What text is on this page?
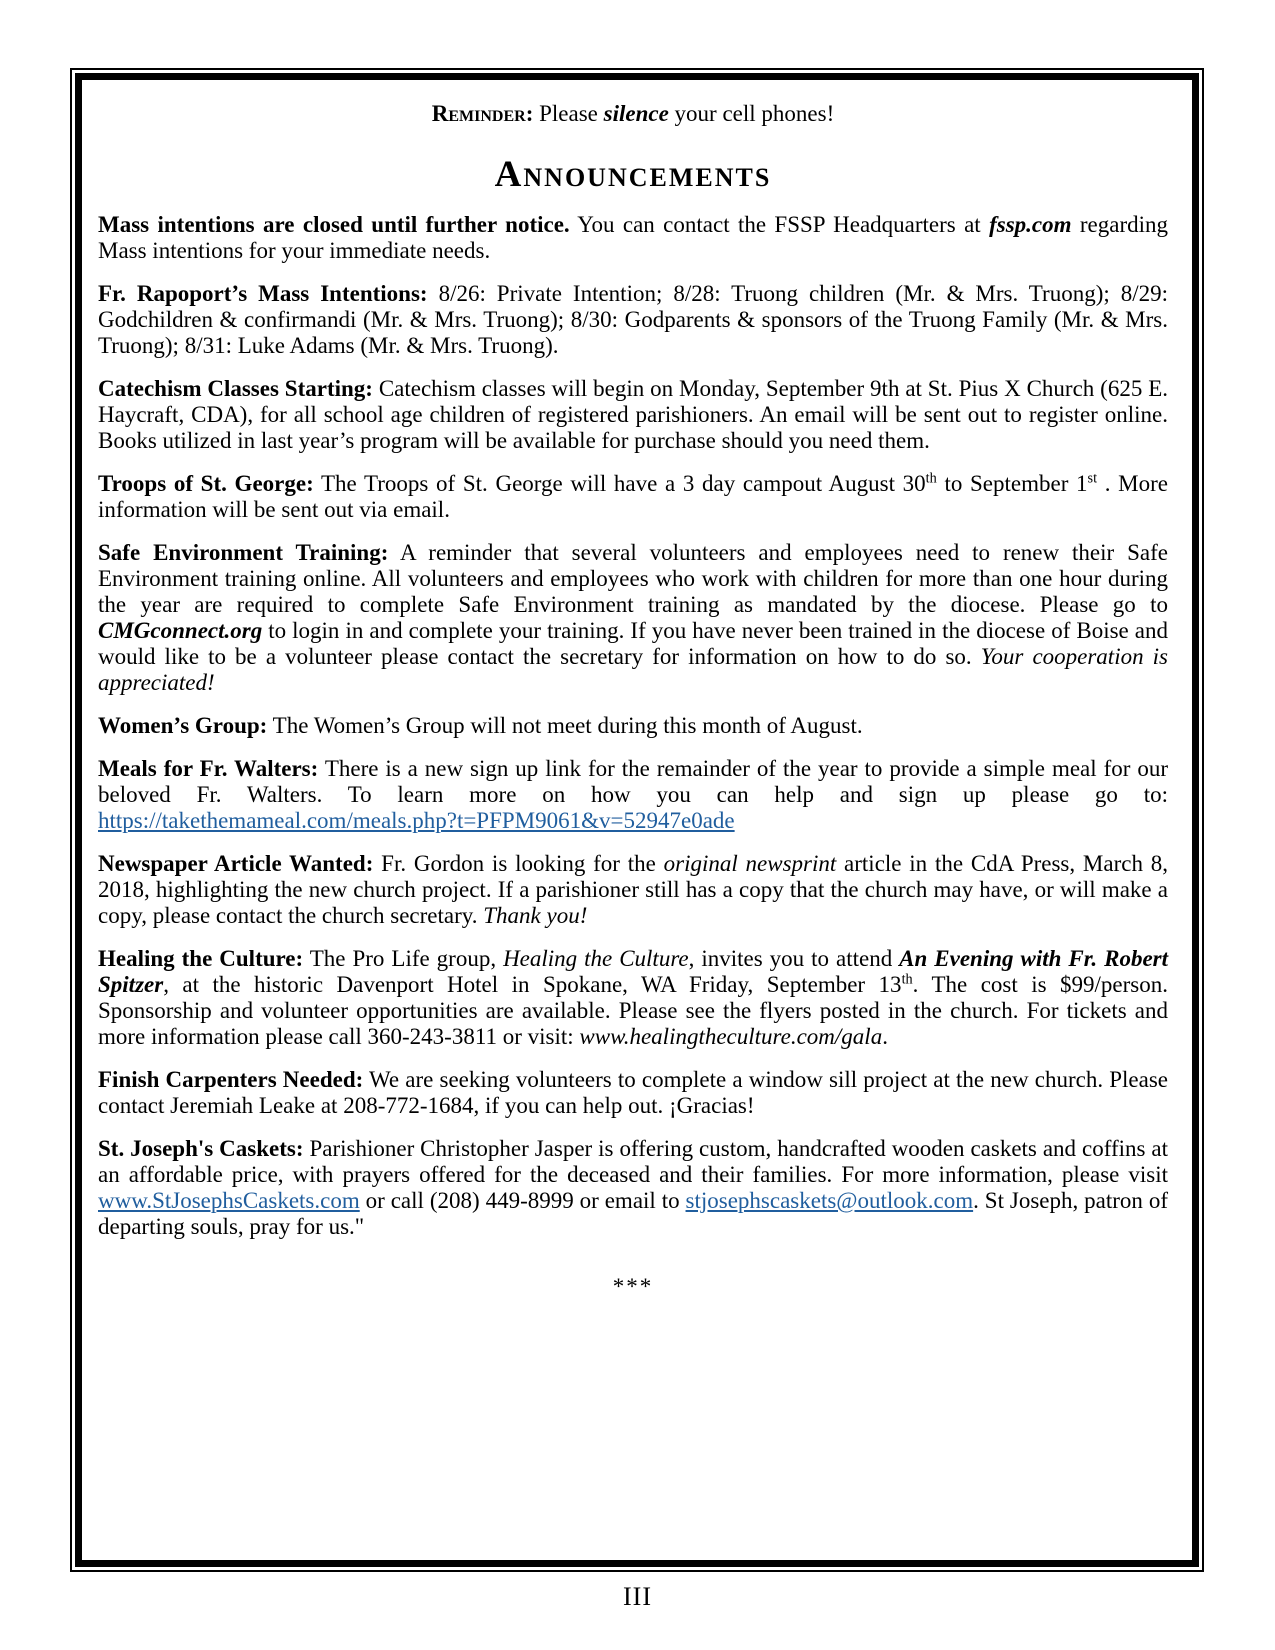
Reminder: Please silence your cell phones!

Announcements

Mass intentions are closed until further notice. You can contact the FSSP Headquarters at fssp.com regarding Mass intentions for your immediate needs.

Fr. Rapoport’s Mass Intentions: 8/26: Private Intention; 8/28: Truong children (Mr. & Mrs. Truong); 8/29: Godchildren & confirmandi (Mr. & Mrs. Truong); 8/30: Godparents & sponsors of the Truong Family (Mr. & Mrs. Truong); 8/31: Luke Adams (Mr. & Mrs. Truong).

Catechism Classes Starting: Catechism classes will begin on Monday, September 9th at St. Pius X Church (625 E. Haycraft, CDA), for all school age children of registered parishioners. An email will be sent out to register online. Books utilized in last year’s program will be available for purchase should you need them.

Troops of St. George: The Troops of St. George will have a 3 day campout August 30th to September 1st . More information will be sent out via email.

Safe Environment Training: A reminder that several volunteers and employees need to renew their Safe Environment training online. All volunteers and employees who work with children for more than one hour during the year are required to complete Safe Environment training as mandated by the diocese. Please go to CMGconnect.org to login in and complete your training. If you have never been trained in the diocese of Boise and would like to be a volunteer please contact the secretary for information on how to do so. Your cooperation is appreciated!

Women’s Group: The Women’s Group will not meet during this month of August.

Meals for Fr. Walters: There is a new sign up link for the remainder of the year to provide a simple meal for our beloved Fr. Walters. To learn more on how you can help and sign up please go to: https://takethemameal.com/meals.php?t=PFPM9061&v=52947e0ade

Newspaper Article Wanted: Fr. Gordon is looking for the original newsprint article in the CdA Press, March 8, 2018, highlighting the new church project. If a parishioner still has a copy that the church may have, or will make a copy, please contact the church secretary. Thank you!

Healing the Culture: The Pro Life group, Healing the Culture, invites you to attend An Evening with Fr. Robert Spitzer, at the historic Davenport Hotel in Spokane, WA Friday, September 13th. The cost is $99/person. Sponsorship and volunteer opportunities are available. Please see the flyers posted in the church. For tickets and more information please call 360-243-3811 or visit: www.healingtheculture.com/gala.

Finish Carpenters Needed: We are seeking volunteers to complete a window sill project at the new church. Please contact Jeremiah Leake at 208-772-1684, if you can help out. ¡Gracias!

St. Joseph's Caskets: Parishioner Christopher Jasper is offering custom, handcrafted wooden caskets and coffins at an affordable price, with prayers offered for the deceased and their families. For more information, please visit www.StJosephsCaskets.com or call (208) 449-8999 or email to stjosephscaskets@outlook.com. St Joseph, patron of departing souls, pray for us."

***

III
